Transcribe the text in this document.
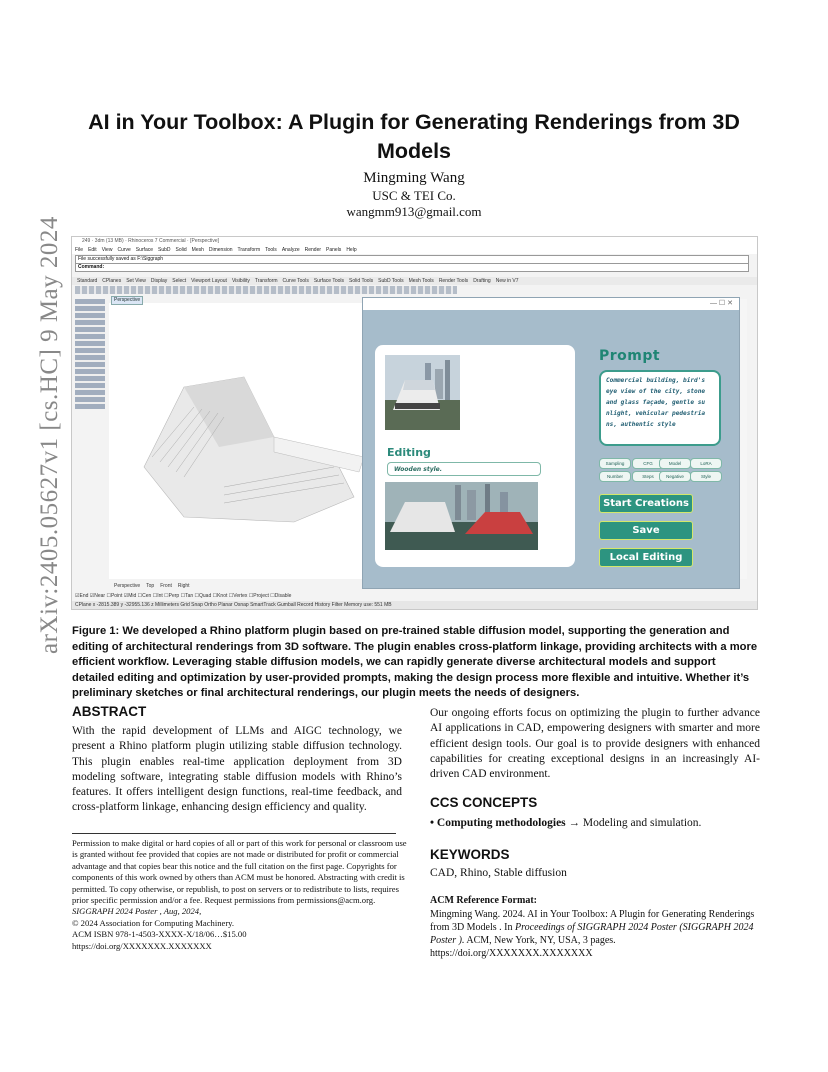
AI in Your Toolbox: A Plugin for Generating Renderings from 3D Models
Mingming Wang
USC & TEI Co.
wangmm913@gmail.com
arXiv:2405.05627v1 [cs.HC] 9 May 2024	249 · 3dm (13 MB) · Rhinoceros 7 Commercial · [Perspective]
File Edit View Curve Surface SubD Solid Mesh Dimension Transform Tools Analyze Render Panels Help
File successfully saved as F:\Siggraph
Command:
Standard CPlanes Set View Display Select Viewport Layout Visibility Transform Curve Tools Surface Tools Solid Tools SubD Tools Mesh Tools Render Tools Drafting New in V7
Perspective
Perspective Top Front Right
☑End ☑Near ☐Point ☑Mid ☐Cen ☐Int ☐Perp ☐Tan ☐Quad ☐Knot ☐Vertex ☐Project ☐Disable
CPlane x -2815.389 y -32955.136 z Millimeters Grid Snap Ortho Planar Osnap SmartTrack Gumball Record History Filter Memory use: 551 MB
— ☐ ✕
Editing
Wooden style.
Prompt
Commercial building, bird's eye view of the city, stone and glass façade, gentle su nlight, vehicular pedestria ns, authentic style
Sampling	CFG	Model	LoRA
Number	Steps	Negative	Style
Start Creations
Save
Local Editing
Figure 1: We developed a Rhino platform plugin based on pre-trained stable diffusion model, supporting the generation and editing of architectural renderings from 3D software. The plugin enables cross-platform linkage, providing architects with a more efficient workflow. Leveraging stable diffusion models, we can rapidly generate diverse architectural models and support detailed editing and optimization by user-provided prompts, making the design process more flexible and intuitive. Whether it’s preliminary sketches or final architectural renderings, our plugin meets the needs of designers.
ABSTRACT
With the rapid development of LLMs and AIGC technology, we present a Rhino platform plugin utilizing stable diffusion technology. This plugin enables real-time application deployment from 3D modeling software, integrating stable diffusion models with Rhino’s features. It offers intelligent design functions, real-time feedback, and cross-platform linkage, enhancing design efficiency and quality.
Permission to make digital or hard copies of all or part of this work for personal or classroom use is granted without fee provided that copies are not made or distributed for profit or commercial advantage and that copies bear this notice and the full citation on the first page. Copyrights for components of this work owned by others than ACM must be honored. Abstracting with credit is permitted. To copy otherwise, or republish, to post on servers or to redistribute to lists, requires prior specific permission and/or a fee. Request permissions from permissions@acm.org.
SIGGRAPH 2024 Poster , Aug, 2024,
© 2024 Association for Computing Machinery.
ACM ISBN 978-1-4503-XXXX-X/18/06…$15.00
https://doi.org/XXXXXXX.XXXXXXX
Our ongoing efforts focus on optimizing the plugin to further advance AI applications in CAD, empowering designers with smarter and more efficient design tools. Our goal is to provide designers with enhanced capabilities for creating exceptional designs in an increasingly AI-driven CAD environment.
CCS CONCEPTS
• Computing methodologies → Modeling and simulation.
KEYWORDS
CAD, Rhino, Stable diffusion
ACM Reference Format:
Mingming Wang. 2024. AI in Your Toolbox: A Plugin for Generating Renderings from 3D Models . In Proceedings of SIGGRAPH 2024 Poster (SIGGRAPH 2024 Poster ). ACM, New York, NY, USA, 3 pages. https://doi.org/XXXXXXX.XXXXXXX
